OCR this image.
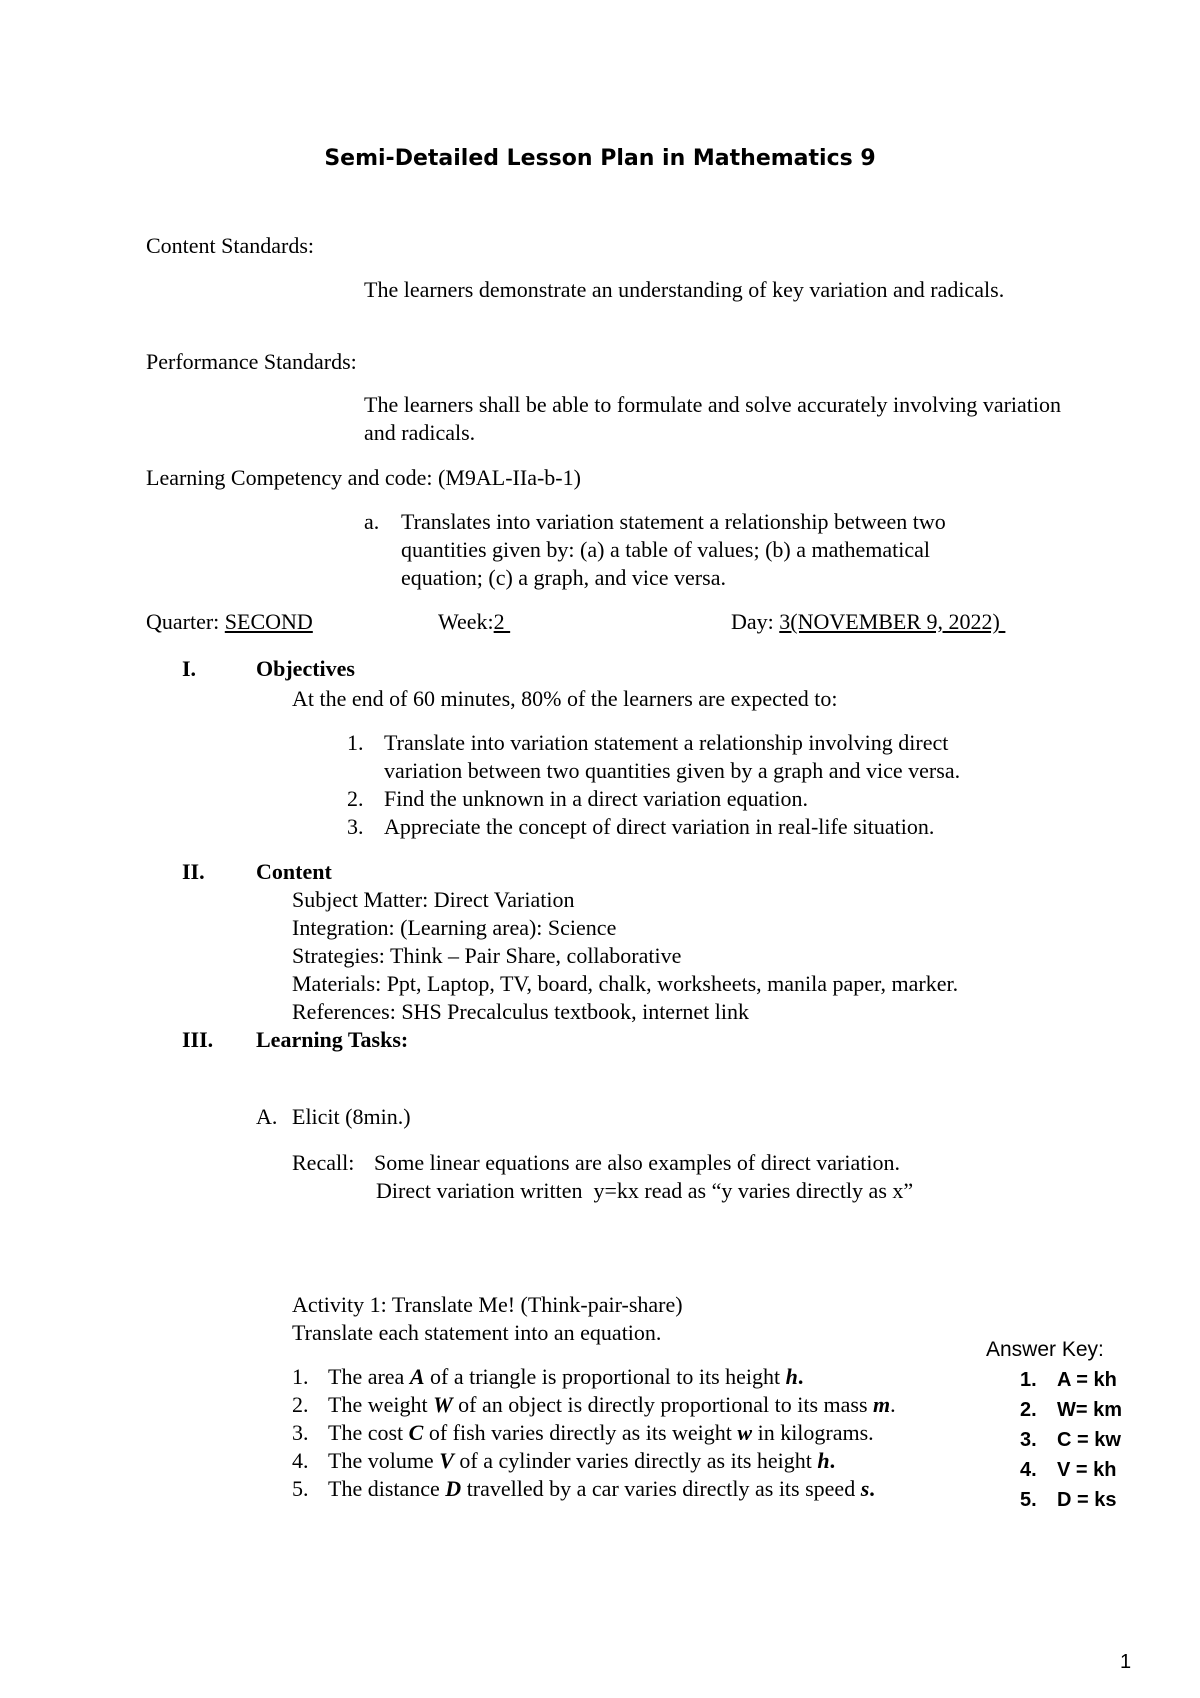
Semi-Detailed Lesson Plan in Mathematics 9
Content Standards:
The learners demonstrate an understanding of key variation and radicals.
Performance Standards:
The learners shall be able to formulate and solve accurately involving variation and radicals.
Learning Competency and code: (M9AL-IIa-b-1)
a. Translates into variation statement a relationship between two
quantities given by: (a) a table of values; (b) a mathematical
equation; (c) a graph, and vice versa.
Quarter: SECOND	Week:2	Day: 3(NOVEMBER 9, 2022)
I.	Objectives
At the end of 60 minutes, 80% of the learners are expected to:
1. Translate into variation statement a relationship involving direct
variation between two quantities given by a graph and vice versa.
2. Find the unknown in a direct variation equation.
3. Appreciate the concept of direct variation in real-life situation.
II. Content
Subject Matter: Direct Variation
Integration: (Learning area): Science
Strategies: Think – Pair Share, collaborative
Materials: Ppt, Laptop, TV, board, chalk, worksheets, manila paper, marker.
References: SHS Precalculus textbook, internet link
III. Learning Tasks:
A. Elicit (8min.)
Recall: Some linear equations are also examples of direct variation.
Direct variation written  y=kx read as “y varies directly as x”
Activity 1: Translate Me! (Think-pair-share)
Translate each statement into an equation.
1. The area A of a triangle is proportional to its height h.
2. The weight W of an object is directly proportional to its mass m.
3. The cost C of fish varies directly as its weight w in kilograms.
4. The volume V of a cylinder varies directly as its height h.
5. The distance D travelled by a car varies directly as its speed s.
Answer Key:
1. A = kh
2. W= km
3. C = kw
4. V = kh
5. D = ks
1
